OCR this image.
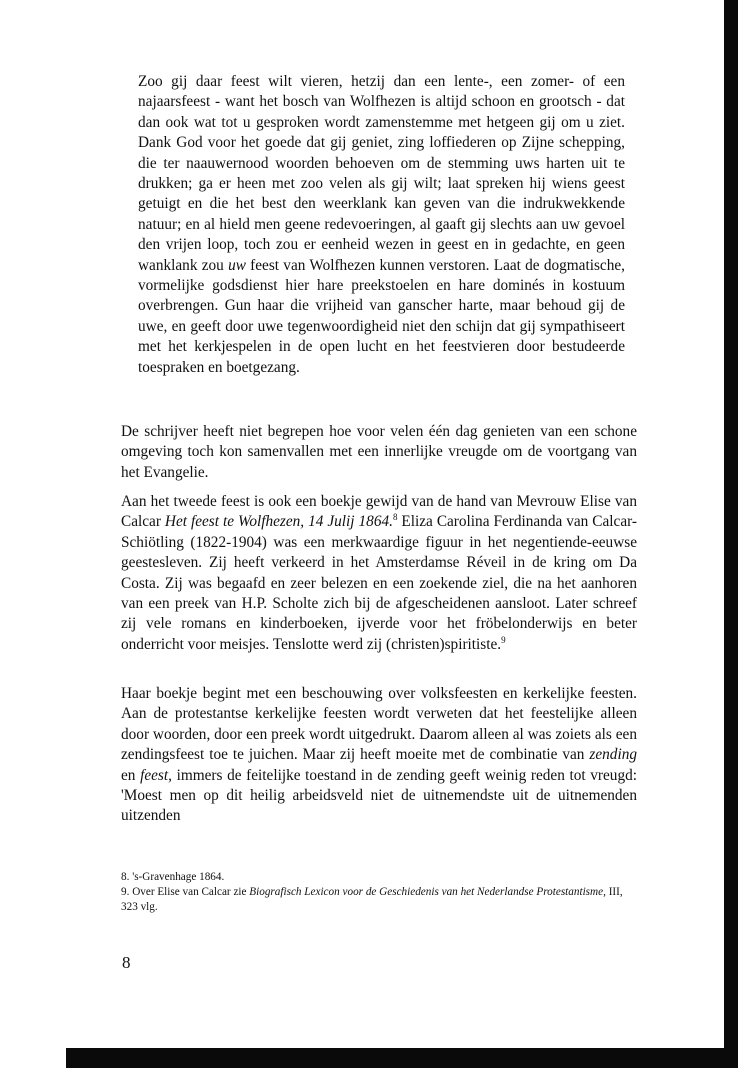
Zoo gij daar feest wilt vieren, hetzij dan een lente-, een zomer- of een najaarsfeest - want het bosch van Wolfhezen is altijd schoon en grootsch - dat dan ook wat tot u gesproken wordt zamenstemme met hetgeen gij om u ziet. Dank God voor het goede dat gij geniet, zing loffiederen op Zijne schepping, die ter naauwernood woorden behoeven om de stemming uws harten uit te drukken; ga er heen met zoo velen als gij wilt; laat spreken hij wiens geest getuigt en die het best den weerklank kan geven van die indrukwekkende natuur; en al hield men geene redevoeringen, al gaaft gij slechts aan uw gevoel den vrijen loop, toch zou er eenheid wezen in geest en in gedachte, en geen wanklank zou uw feest van Wolfhezen kunnen verstoren. Laat de dogmatische, vormelijke godsdienst hier hare preekstoelen en hare dominés in kostuum overbrengen. Gun haar die vrijheid van ganscher harte, maar behoud gij de uwe, en geeft door uwe tegenwoordigheid niet den schijn dat gij sympathiseert met het kerkjespelen in de open lucht en het feestvieren door bestudeerde toespraken en boetgezang.

De schrijver heeft niet begrepen hoe voor velen één dag genieten van een schone omgeving toch kon samenvallen met een innerlijke vreugde om de voortgang van het Evangelie.

Aan het tweede feest is ook een boekje gewijd van de hand van Mevrouw Elise van Calcar Het feest te Wolfhezen, 14 Julij 1864.$^8$ Eliza Carolina Ferdinanda van Calcar-Schiötling (1822-1904) was een merkwaardige figuur in het negentiende-eeuwse geestesleven. Zij heeft verkeerd in het Amsterdamse Réveil in de kring om Da Costa. Zij was begaafd en zeer belezen en een zoekende ziel, die na het aanhoren van een preek van H.P. Scholte zich bij de afgescheidenen aansloot. Later schreef zij vele romans en kinderboeken, ijverde voor het fröbelonderwijs en beter onderricht voor meisjes. Tenslotte werd zij (christen)spiritiste.$^9$

Haar boekje begint met een beschouwing over volksfeesten en kerkelijke feesten. Aan de protestantse kerkelijke feesten wordt verweten dat het feestelijke alleen door woorden, door een preek wordt uitgedrukt. Daarom alleen al was zoiets als een zendingsfeest toe te juichen. Maar zij heeft moeite met de combinatie van zending en feest, immers de feitelijke toestand in de zending geeft weinig reden tot vreugd: 'Moest men op dit heilig arbeidsveld niet de uitnemendste uit de uitnemenden uitzenden

8. 's-Gravenhage 1864.

9. Over Elise van Calcar zie Biografisch Lexicon voor de Geschiedenis van het Nederlandse Protestantisme, III, 323 vlg.

8
